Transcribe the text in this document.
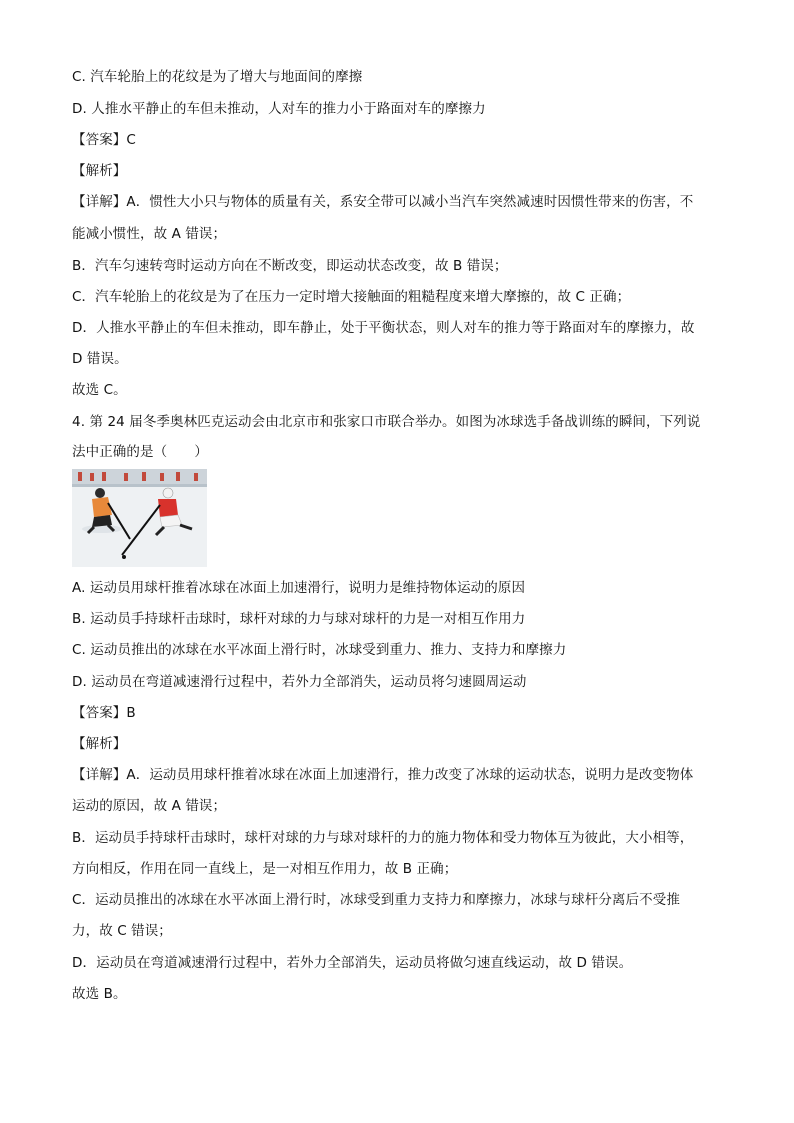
C. 汽车轮胎上的花纹是为了增大与地面间的摩擦
D. 人推水平静止的车但未推动，人对车的推力小于路面对车的摩擦力
【答案】C
【解析】
【详解】A．惯性大小只与物体的质量有关，系安全带可以减小当汽车突然减速时因惯性带来的伤害，不
能减小惯性，故 A 错误；
B．汽车匀速转弯时运动方向在不断改变，即运动状态改变，故 B 错误；
C．汽车轮胎上的花纹是为了在压力一定时增大接触面的粗糙程度来增大摩擦的，故 C 正确；
D．人推水平静止的车但未推动，即车静止，处于平衡状态，则人对车的推力等于路面对车的摩擦力，故
D 错误。
故选 C。
4. 第 24 届冬季奥林匹克运动会由北京市和张家口市联合举办。如图为冰球选手备战训练的瞬间，下列说
法中正确的是（　　）
A. 运动员用球杆推着冰球在冰面上加速滑行，说明力是维持物体运动的原因
B. 运动员手持球杆击球时，球杆对球的力与球对球杆的力是一对相互作用力
C. 运动员推出的冰球在水平冰面上滑行时，冰球受到重力、推力、支持力和摩擦力
D. 运动员在弯道减速滑行过程中，若外力全部消失，运动员将匀速圆周运动
【答案】B
【解析】
【详解】A．运动员用球杆推着冰球在冰面上加速滑行，推力改变了冰球的运动状态，说明力是改变物体
运动的原因，故 A 错误；
B．运动员手持球杆击球时，球杆对球的力与球对球杆的力的施力物体和受力物体互为彼此，大小相等，
方向相反，作用在同一直线上，是一对相互作用力，故 B 正确；
C．运动员推出的冰球在水平冰面上滑行时，冰球受到重力支持力和摩擦力，冰球与球杆分离后不受推
力，故 C 错误；
D．运动员在弯道减速滑行过程中，若外力全部消失，运动员将做匀速直线运动，故 D 错误。
故选 B。
